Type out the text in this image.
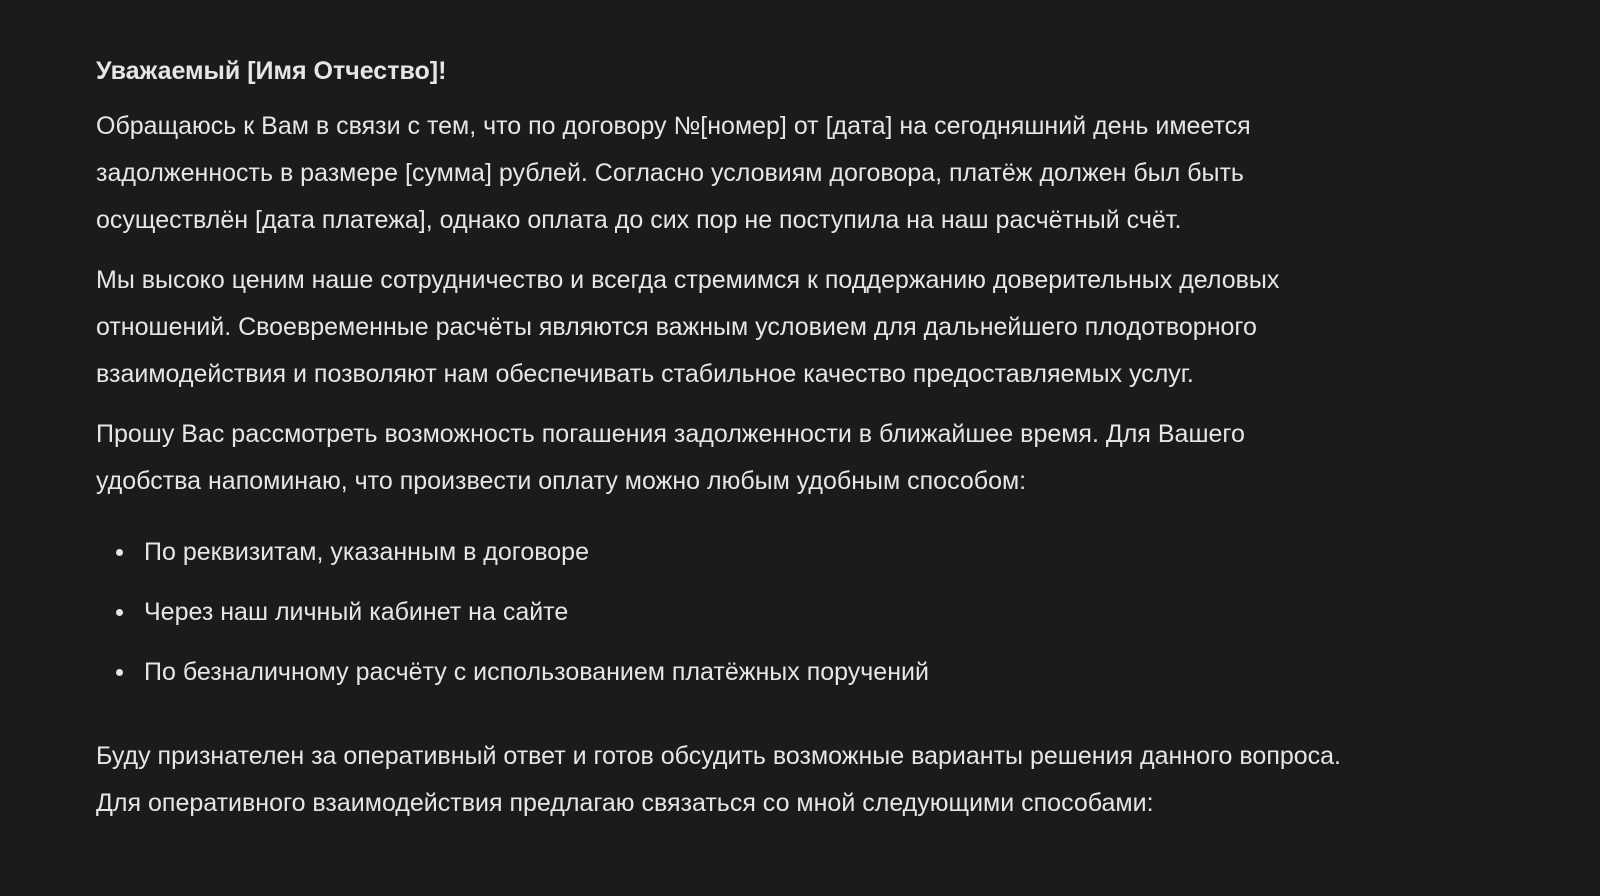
Уважаемый [Имя Отчество]!

Обращаюсь к Вам в связи с тем, что по договору №[номер] от [дата] на сегодняшний день имеется задолженность в размере [сумма] рублей. Согласно условиям договора, платёж должен был быть осуществлён [дата платежа], однако оплата до сих пор не поступила на наш расчётный счёт.

Мы высоко ценим наше сотрудничество и всегда стремимся к поддержанию доверительных деловых отношений. Своевременные расчёты являются важным условием для дальнейшего плодотворного взаимодействия и позволяют нам обеспечивать стабильное качество предоставляемых услуг.

Прошу Вас рассмотреть возможность погашения задолженности в ближайшее время. Для Вашего удобства напоминаю, что произвести оплату можно любым удобным способом:

По реквизитам, указанным в договоре
Через наш личный кабинет на сайте
По безналичному расчёту с использованием платёжных поручений

Буду признателен за оперативный ответ и готов обсудить возможные варианты решения данного вопроса. Для оперативного взаимодействия предлагаю связаться со мной следующими способами:
